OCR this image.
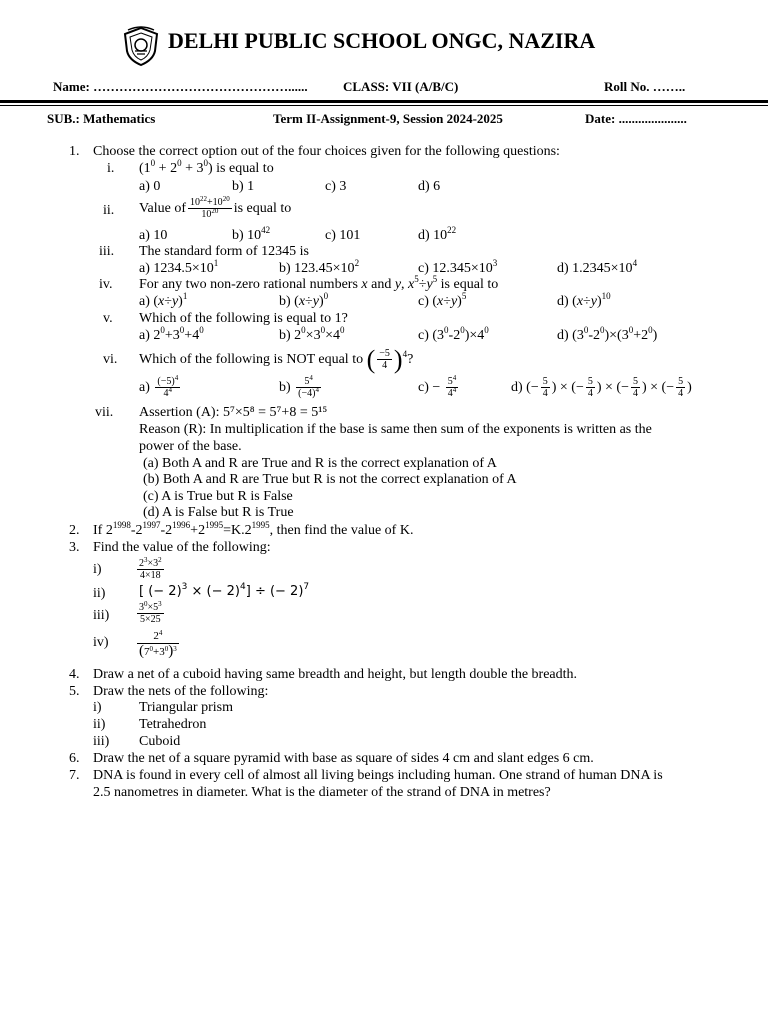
DELHI PUBLIC SCHOOL ONGC, NAZIRA
Name: ………………………………………......	CLASS: VII (A/B/C)	Roll No. ……..
SUB.: Mathematics	Term II-Assignment-9, Session 2024-2025	Date: .....................
1. Choose the correct option out of the four choices given for the following questions:
i. $(1^0 + 2^0 + 3^0)$ is equal to
a) 0	b) 1	c) 3	d) 6
ii. Value of $\frac{10^{22}+10^{20}}{10^{20}}$ is equal to
a) 10	b) $10^{42}$	c) 101	d) $10^{22}$
iii. The standard form of 12345 is
a) $1234.5\times 10^1$	b) $123.45\times 10^2$	c) $12.345\times 10^3$	d) $1.2345\times 10^4$
iv. For any two non-zero rational numbers x and y, $x^5\div y^5$ is equal to
a) $(x\div y)^1$	b) $(x\div y)^0$	c) $(x\div y)^5$	d) $(x\div y)^{10}$
v. Which of the following is equal to 1?
a) $2^0+3^0+4^0$	b) $2^0\times 3^0\times 4^0$	c) $(3^0-2^0)\times 4^0$	d) $(3^0-2^0)\times(3^0+2^0)$
vi. Which of the following is NOT equal to ( $\frac{-5}{4} )^4$?
$a) \frac{(-5)^4}{4^4}$	$b) \frac{5^4}{(-4)^4}$	$c) - \frac{5^4}{4^4}$	d) (− $\frac{5}{4}$ ) × (− $\frac{5}{4}$ ) × (− $\frac{5}{4}$ ) × (− $\frac{5}{4}$ )
vii. Assertion (A): 5⁷×5⁸ = 5⁷+8 = 5¹⁵
Reason (R): In multiplication if the base is same then sum of the exponents is written as the
power of the base.
(a) Both A and R are True and R is the correct explanation of A
(b) Both A and R are True but R is not the correct explanation of A
(c) A is True but R is False
(d) A is False but R is True
2. If $2^{1998}-2^{1997}-2^{1996}+2^{1995}=K.2^{1995}$, then find the value of K.
3. Find the value of the following:
i)	$\frac{2^3\times 3^2}{4\times 18}$
ii)	[ (− 2)$^3$ × (− 2)$^4$] ÷ (− 2)$^7$
iii)	$\frac{3^0\times 5^3}{5\times 25}$
iv)	$\frac{2^4}{(7^0+3^0)^3}$
4. Draw a net of a cuboid having same breadth and height, but length double the breadth.
5. Draw the nets of the following:
i)	Triangular prism
ii) Tetrahedron
iii) Cuboid
6. Draw the net of a square pyramid with base as square of sides 4 cm and slant edges 6 cm.
7. DNA is found in every cell of almost all living beings including human. One strand of human DNA is
2.5 nanometres in diameter. What is the diameter of the strand of DNA in metres?
